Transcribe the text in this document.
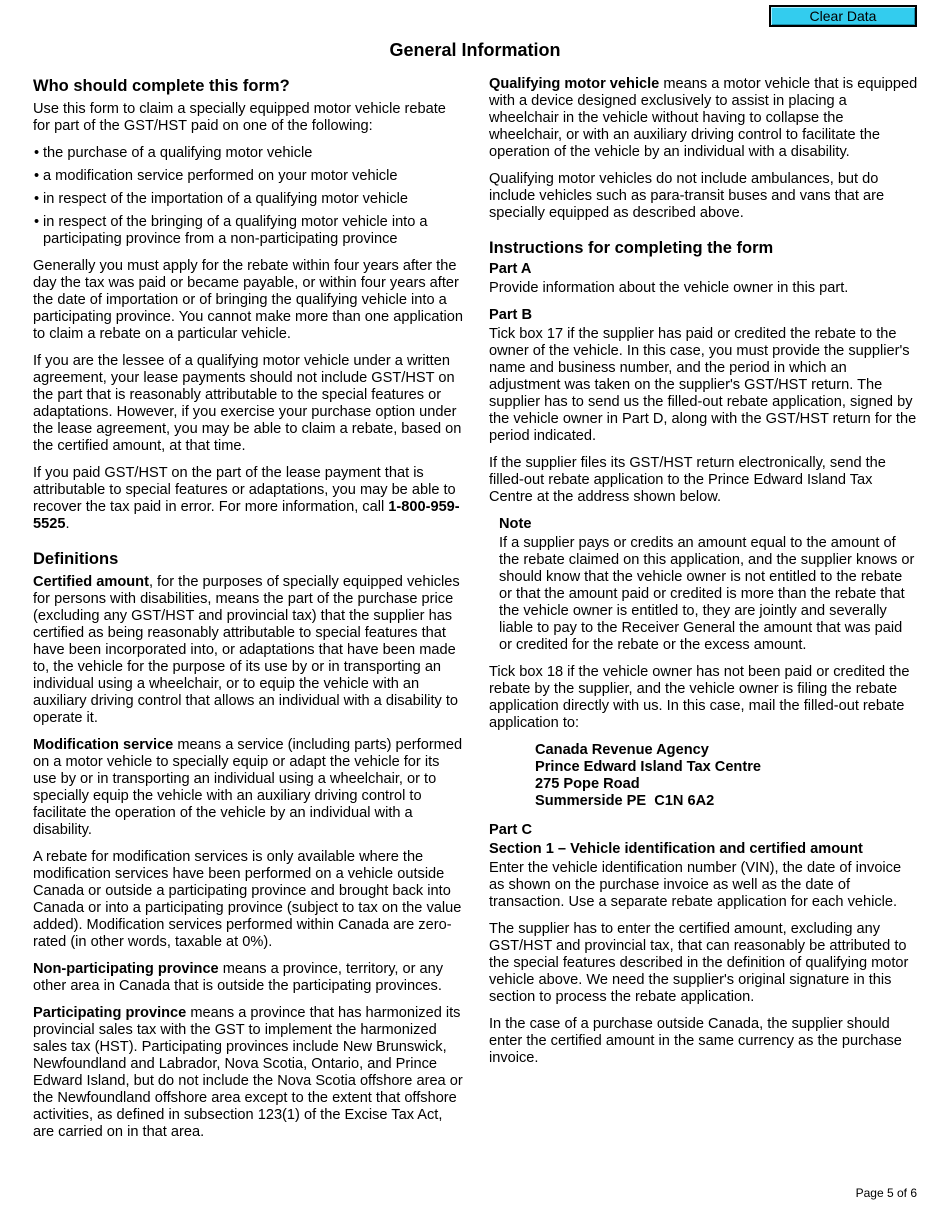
Clear Data
General Information
Who should complete this form?

Use this form to claim a specially equipped motor vehicle rebate for part of the GST/HST paid on one of the following:

• the purchase of a qualifying motor vehicle
• a modification service performed on your motor vehicle
• in respect of the importation of a qualifying motor vehicle
• in respect of the bringing of a qualifying motor vehicle into a participating province from a non-participating province

Generally you must apply for the rebate within four years after the day the tax was paid or became payable, or within four years after the date of importation or of bringing the qualifying vehicle into a participating province. You cannot make more than one application to claim a rebate on a particular vehicle.

If you are the lessee of a qualifying motor vehicle under a written agreement, your lease payments should not include GST/HST on the part that is reasonably attributable to the special features or adaptations. However, if you exercise your purchase option under the lease agreement, you may be able to claim a rebate, based on the certified amount, at that time.

If you paid GST/HST on the part of the lease payment that is attributable to special features or adaptations, you may be able to recover the tax paid in error. For more information, call 1-800-959-5525.

Definitions

Certified amount, for the purposes of specially equipped vehicles for persons with disabilities, means the part of the purchase price (excluding any GST/HST and provincial tax) that the supplier has certified as being reasonably attributable to special features that have been incorporated into, or adaptations that have been made to, the vehicle for the purpose of its use by or in transporting an individual using a wheelchair, or to equip the vehicle with an auxiliary driving control that allows an individual with a disability to operate it.

Modification service means a service (including parts) performed on a motor vehicle to specially equip or adapt the vehicle for its use by or in transporting an individual using a wheelchair, or to specially equip the vehicle with an auxiliary driving control to facilitate the operation of the vehicle by an individual with a disability.

A rebate for modification services is only available where the modification services have been performed on a vehicle outside Canada or outside a participating province and brought back into Canada or into a participating province (subject to tax on the value added). Modification services performed within Canada are zero-rated (in other words, taxable at 0%).

Non-participating province means a province, territory, or any other area in Canada that is outside the participating provinces.

Participating province means a province that has harmonized its provincial sales tax with the GST to implement the harmonized sales tax (HST). Participating provinces include New Brunswick, Newfoundland and Labrador, Nova Scotia, Ontario, and Prince Edward Island, but do not include the Nova Scotia offshore area or the Newfoundland offshore area except to the extent that offshore activities, as defined in subsection 123(1) of the Excise Tax Act, are carried on in that area.

Qualifying motor vehicle means a motor vehicle that is equipped with a device designed exclusively to assist in placing a wheelchair in the vehicle without having to collapse the wheelchair, or with an auxiliary driving control to facilitate the operation of the vehicle by an individual with a disability.

Qualifying motor vehicles do not include ambulances, but do include vehicles such as para-transit buses and vans that are specially equipped as described above.

Instructions for completing the form
Part A

Provide information about the vehicle owner in this part.

Part B

Tick box 17 if the supplier has paid or credited the rebate to the owner of the vehicle. In this case, you must provide the supplier's name and business number, and the period in which an adjustment was taken on the supplier's GST/HST return. The supplier has to send us the filled-out rebate application, signed by the vehicle owner in Part D, along with the GST/HST return for the period indicated.

If the supplier files its GST/HST return electronically, send the filled-out rebate application to the Prince Edward Island Tax Centre at the address shown below.

Note
If a supplier pays or credits an amount equal to the amount of the rebate claimed on this application, and the supplier knows or should know that the vehicle owner is not entitled to the rebate or that the amount paid or credited is more than the rebate that the vehicle owner is entitled to, they are jointly and severally liable to pay to the Receiver General the amount that was paid or credited for the rebate or the excess amount.

Tick box 18 if the vehicle owner has not been paid or credited the rebate by the supplier, and the vehicle owner is filing the rebate application directly with us. In this case, mail the filled-out rebate application to:

Canada Revenue Agency
Prince Edward Island Tax Centre
275 Pope Road
Summerside PE  C1N 6A2
Part C
Section 1 – Vehicle identification and certified amount

Enter the vehicle identification number (VIN), the date of invoice as shown on the purchase invoice as well as the date of transaction. Use a separate rebate application for each vehicle.

The supplier has to enter the certified amount, excluding any GST/HST and provincial tax, that can reasonably be attributed to the special features described in the definition of qualifying motor vehicle above. We need the supplier's original signature in this section to process the rebate application.

In the case of a purchase outside Canada, the supplier should enter the certified amount in the same currency as the purchase invoice.

Page 5 of 6
